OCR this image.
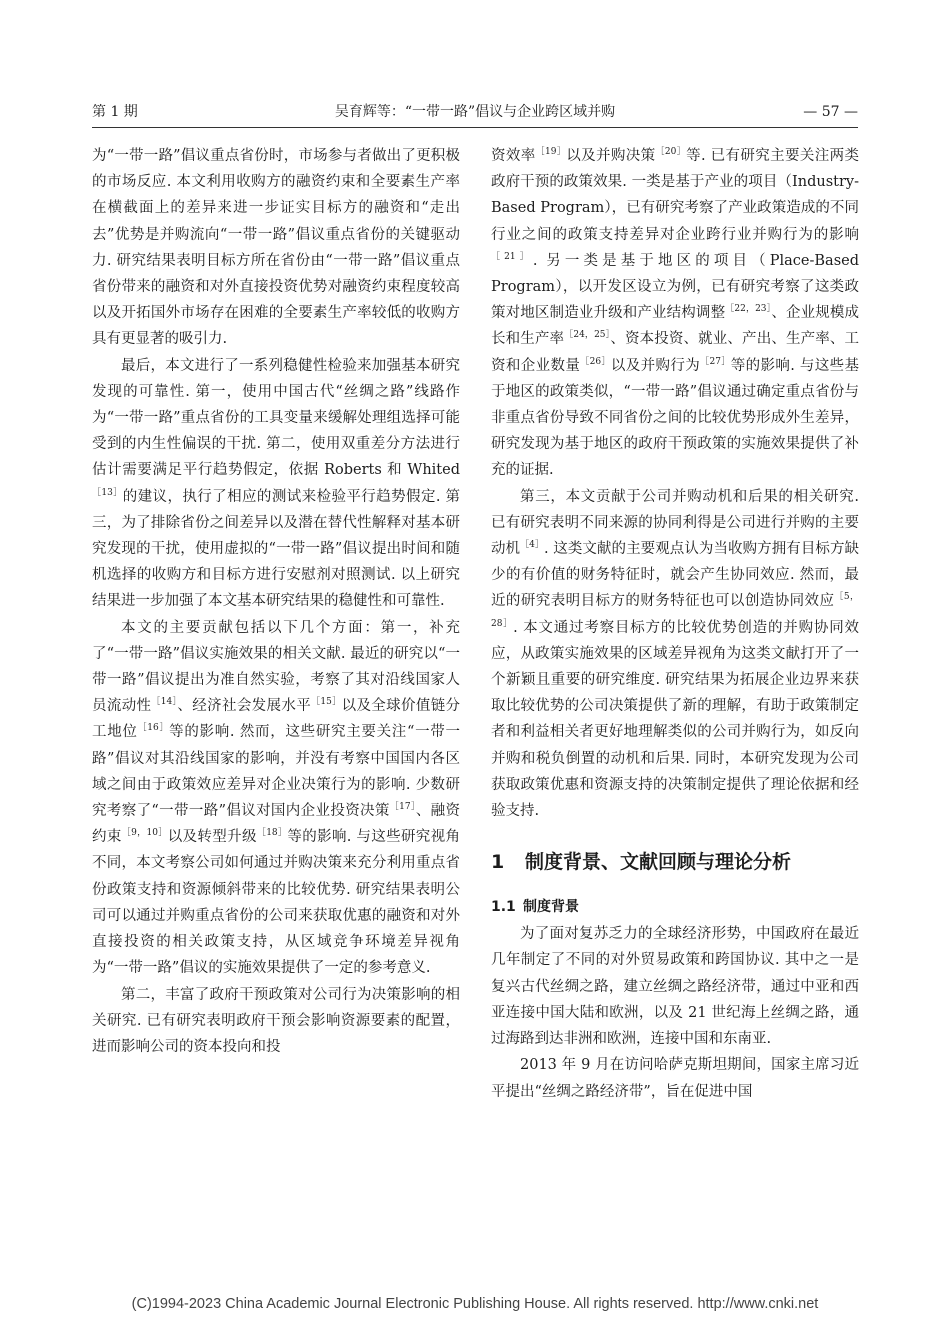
第 1 期	吴育辉等：“一带一路”倡议与企业跨区域并购	— 57 —

为“一带一路”倡议重点省份时，市场参与者做出了更积极的市场反应. 本文利用收购方的融资约束和全要素生产率在横截面上的差异来进一步证实目标方的融资和“走出去”优势是并购流向“一带一路”倡议重点省份的关键驱动力. 研究结果表明目标方所在省份由“一带一路”倡议重点省份带来的融资和对外直接投资优势对融资约束程度较高以及开拓国外市场存在困难的全要素生产率较低的收购方具有更显著的吸引力.

最后，本文进行了一系列稳健性检验来加强基本研究发现的可靠性. 第一，使用中国古代“丝绸之路”线路作为“一带一路”重点省份的工具变量来缓解处理组选择可能受到的内生性偏误的干扰. 第二，使用双重差分方法进行估计需要满足平行趋势假定，依据 Roberts 和 Whited$^{[13]}$的建议，执行了相应的测试来检验平行趋势假定. 第三，为了排除省份之间差异以及潜在替代性解释对基本研究发现的干扰，使用虚拟的“一带一路”倡议提出时间和随机选择的收购方和目标方进行安慰剂对照测试. 以上研究结果进一步加强了本文基本研究结果的稳健性和可靠性.

本文的主要贡献包括以下几个方面：第一，补充了“一带一路”倡议实施效果的相关文献. 最近的研究以“一带一路”倡议提出为准自然实验，考察了其对沿线国家人员流动性$^{[14]}$、经济社会发展水平$^{[15]}$以及全球价值链分工地位$^{[16]}$等的影响. 然而，这些研究主要关注“一带一路”倡议对其沿线国家的影响，并没有考察中国国内各区域之间由于政策效应差异对企业决策行为的影响. 少数研究考察了“一带一路”倡议对国内企业投资决策$^{[17]}$、融资约束$^{[9,10]}$以及转型升级$^{[18]}$等的影响. 与这些研究视角不同，本文考察公司如何通过并购决策来充分利用重点省份政策支持和资源倾斜带来的比较优势. 研究结果表明公司可以通过并购重点省份的公司来获取优惠的融资和对外直接投资的相关政策支持，从区域竞争环境差异视角为“一带一路”倡议的实施效果提供了一定的参考意义.

第二，丰富了政府干预政策对公司行为决策影响的相关研究. 已有研究表明政府干预会影响资源要素的配置，进而影响公司的资本投向和投

资效率$^{[19]}$以及并购决策$^{[20]}$等. 已有研究主要关注两类政府干预的政策效果. 一类是基于产业的项目（Industry-Based Program），已有研究考察了产业政策造成的不同行业之间的政策支持差异对企业跨行业并购行为的影响$^{[21]}$. 另一类是基于地区的项目（Place-Based Program），以开发区设立为例，已有研究考察了这类政策对地区制造业升级和产业结构调整$^{[22,23]}$、企业规模成长和生产率$^{[24,25]}$、资本投资、就业、产出、生产率、工资和企业数量$^{[26]}$以及并购行为$^{[27]}$等的影响. 与这些基于地区的政策类似，“一带一路”倡议通过确定重点省份与非重点省份导致不同省份之间的比较优势形成外生差异，研究发现为基于地区的政府干预政策的实施效果提供了补充的证据.

第三，本文贡献于公司并购动机和后果的相关研究. 已有研究表明不同来源的协同利得是公司进行并购的主要动机$^{[4]}$. 这类文献的主要观点认为当收购方拥有目标方缺少的有价值的财务特征时，就会产生协同效应. 然而，最近的研究表明目标方的财务特征也可以创造协同效应$^{[5,28]}$. 本文通过考察目标方的比较优势创造的并购协同效应，从政策实施效果的区域差异视角为这类文献打开了一个新颖且重要的研究维度. 研究结果为拓展企业边界来获取比较优势的公司决策提供了新的理解，有助于政策制定者和利益相关者更好地理解类似的公司并购行为，如反向并购和税负倒置的动机和后果. 同时，本研究发现为公司获取政策优惠和资源支持的决策制定提供了理论依据和经验支持.

1 制度背景、文献回顾与理论分析
1.1 制度背景

为了面对复苏乏力的全球经济形势，中国政府在最近几年制定了不同的对外贸易政策和跨国协议. 其中之一是复兴古代丝绸之路，建立丝绸之路经济带，通过中亚和西亚连接中国大陆和欧洲，以及 21 世纪海上丝绸之路，通过海路到达非洲和欧洲，连接中国和东南亚.

2013 年 9 月在访问哈萨克斯坦期间，国家主席习近平提出“丝绸之路经济带”，旨在促进中国

(C)1994-2023 China Academic Journal Electronic Publishing House. All rights reserved. http://www.cnki.net
